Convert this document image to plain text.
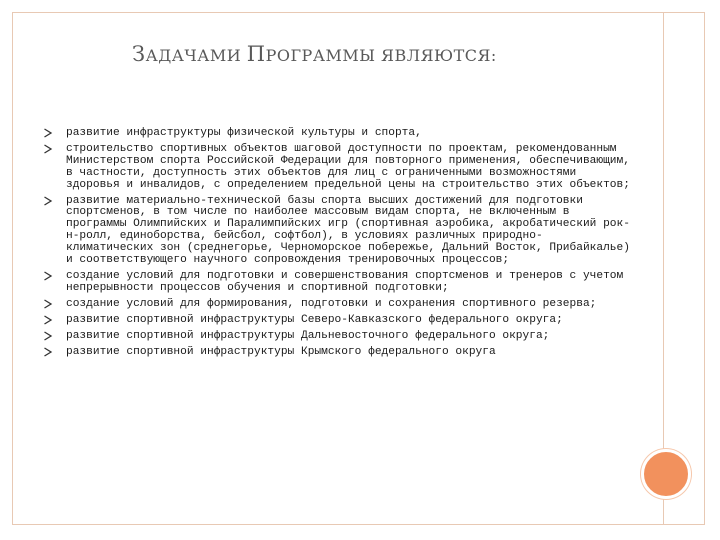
ЗАДАЧАМИ ПРОГРАММЫ ЯВЛЯЮТСЯ:
развитие инфраструктуры физической культуры и спорта,
строительство спортивных объектов шаговой доступности по проектам, рекомендованным Министерством спорта Российской Федерации для повторного применения, обеспечивающим, в частности, доступность этих объектов для лиц с ограниченными возможностями здоровья и инвалидов, с определением предельной цены на строительство этих объектов;
развитие материально-технической базы спорта высших достижений для подготовки спортсменов, в том числе по наиболее массовым видам спорта, не включенным в программы Олимпийских и Паралимпийских игр (спортивная аэробика, акробатический рок-н-ролл, единоборства, бейсбол, софтбол), в условиях различных природно- климатических зон (среднегорье, Черноморское побережье, Дальний Восток, Прибайкалье) и соответствующего научного сопровождения тренировочных процессов;
создание условий для подготовки и совершенствования спортсменов и тренеров с учетом непрерывности процессов обучения и спортивной подготовки;
создание условий для формирования, подготовки и сохранения спортивного резерва;
развитие спортивной инфраструктуры Северо-Кавказского федерального округа;
развитие спортивной инфраструктуры Дальневосточного федерального округа;
развитие спортивной инфраструктуры Крымского федерального округа
